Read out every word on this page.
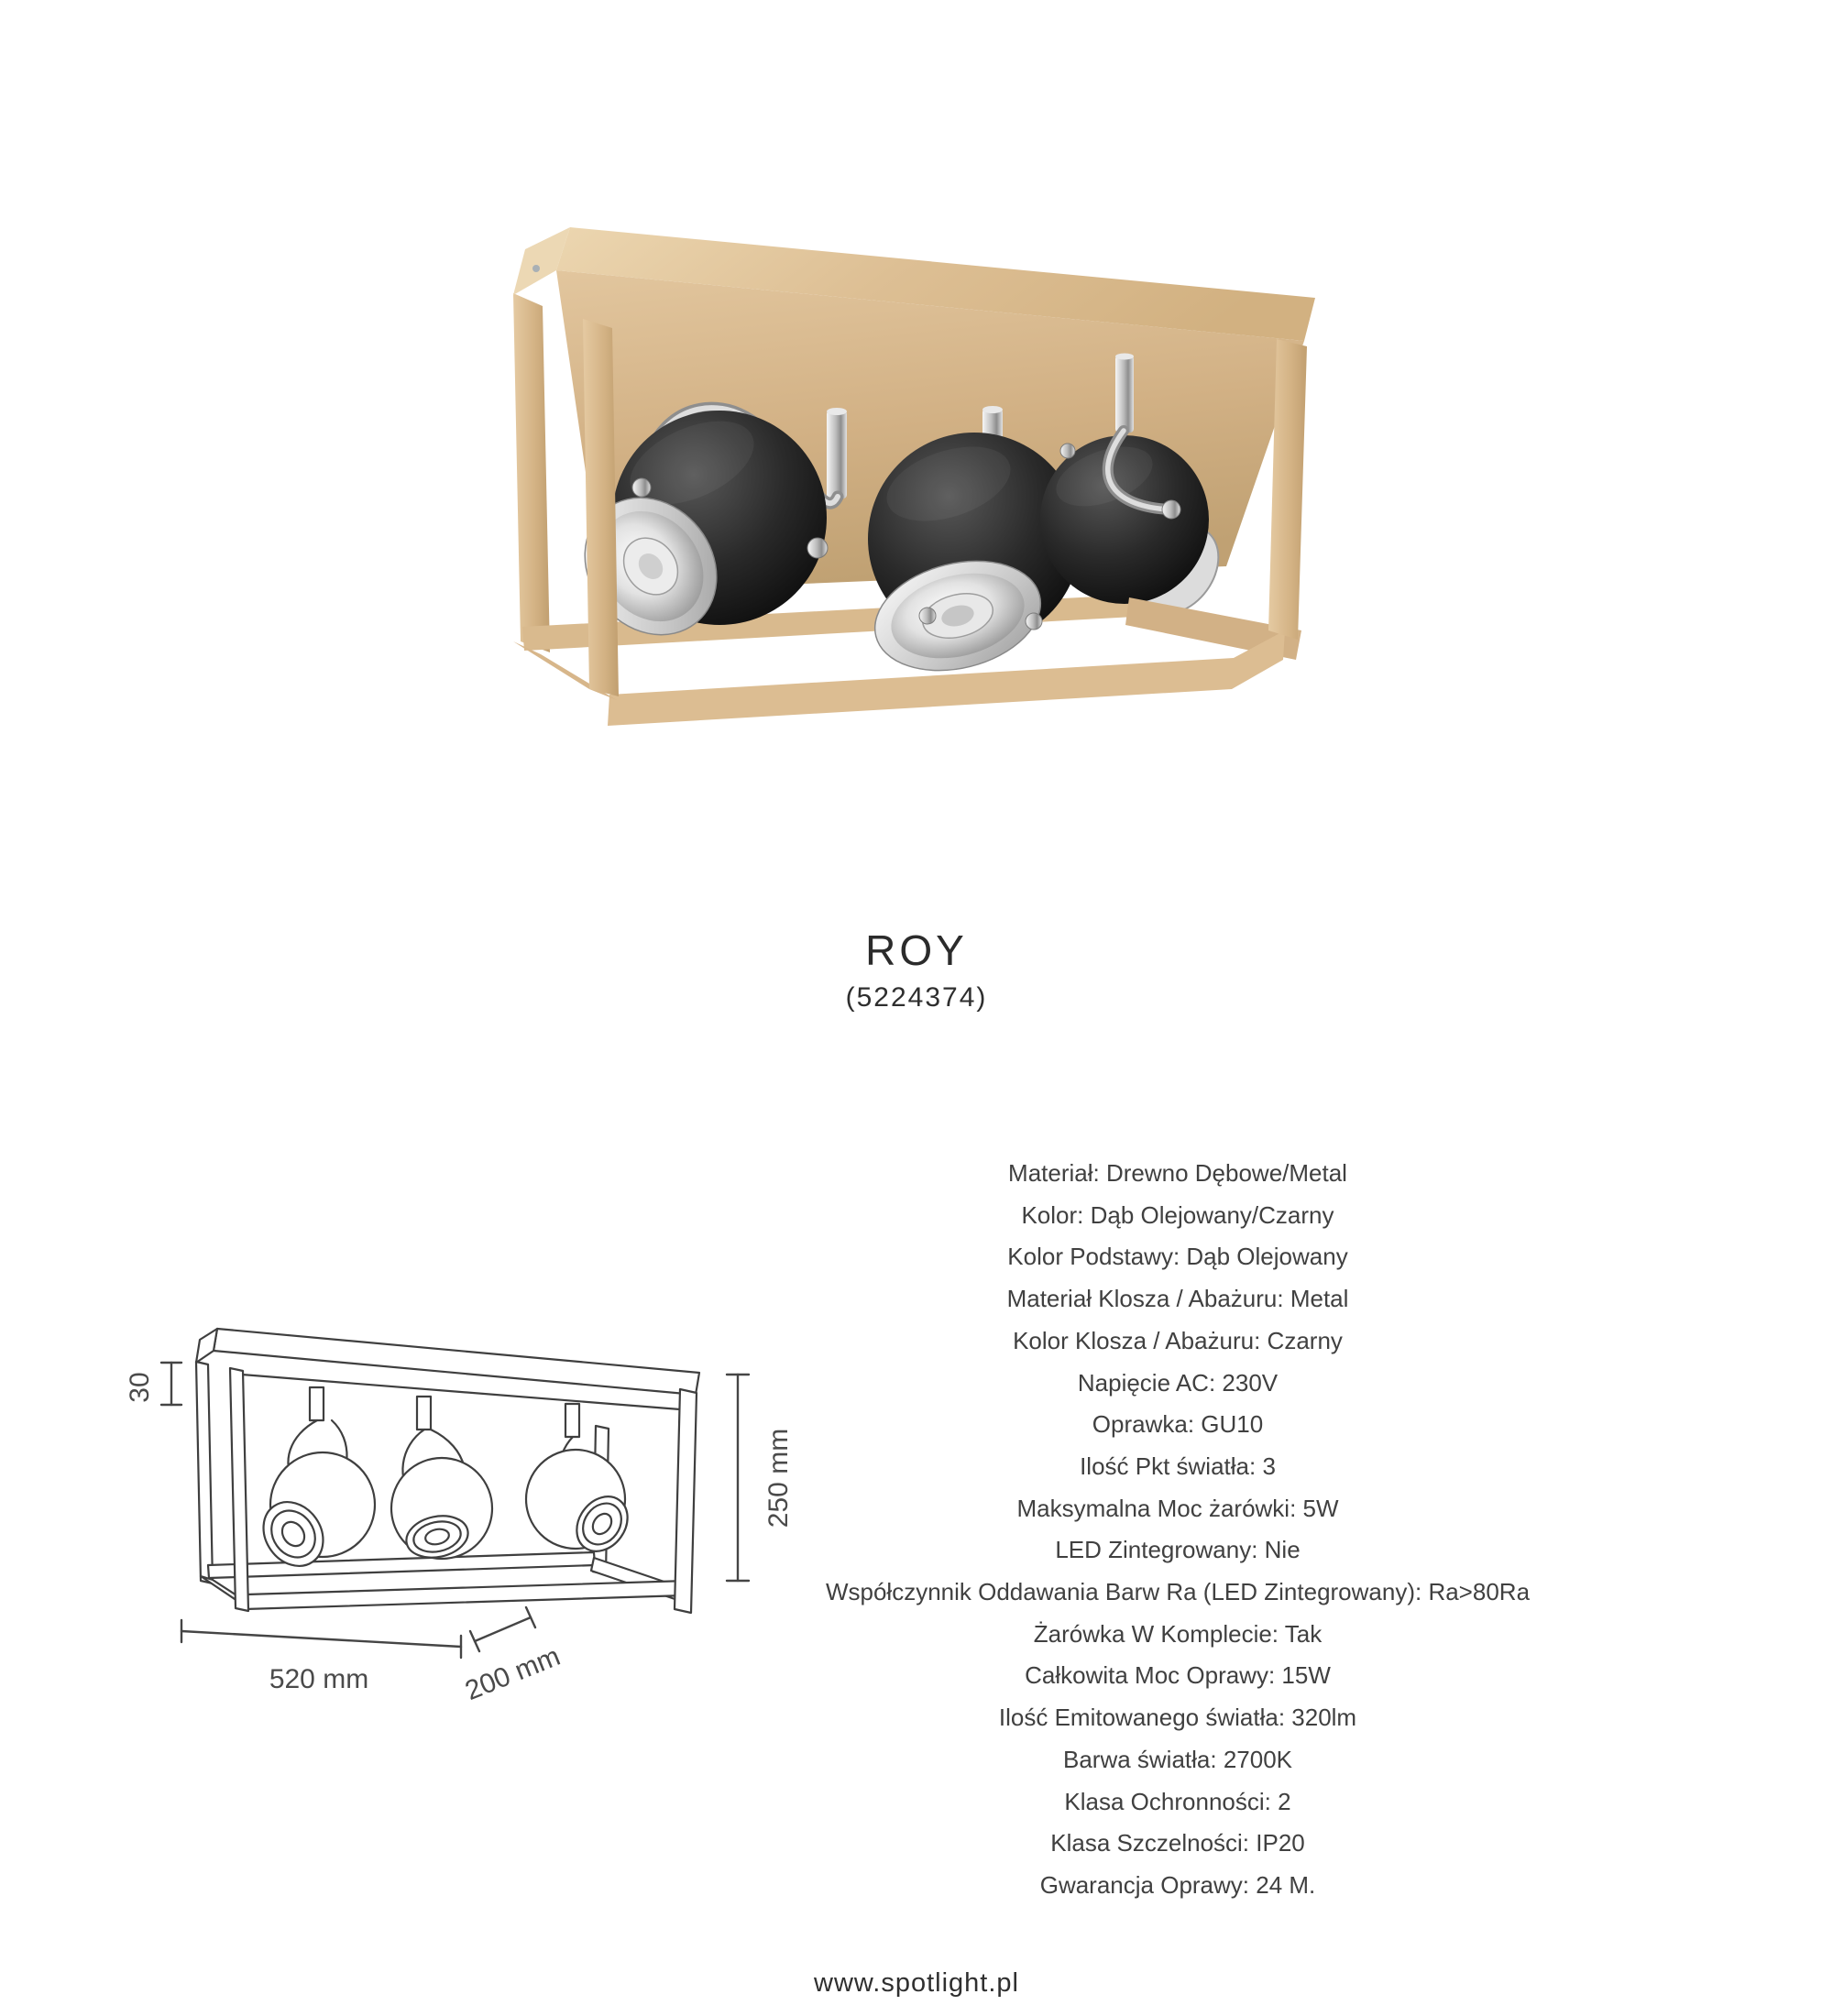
ROY
(5224374)
30
250 mm
520 mm	200 mm
Materiał: Drewno Dębowe/Metal
Kolor: Dąb Olejowany/Czarny
Kolor Podstawy: Dąb Olejowany
Materiał Klosza / Abażuru: Metal
Kolor Klosza / Abażuru: Czarny
Napięcie AC: 230V
Oprawka: GU10
Ilość Pkt światła: 3
Maksymalna Moc żarówki: 5W
LED Zintegrowany: Nie
Współczynnik Oddawania Barw Ra (LED Zintegrowany): Ra>80Ra
Żarówka W Komplecie: Tak
Całkowita Moc Oprawy: 15W
Ilość Emitowanego światła: 320lm
Barwa światła: 2700K
Klasa Ochronności: 2
Klasa Szczelności: IP20
Gwarancja Oprawy: 24 M.
www.spotlight.pl
